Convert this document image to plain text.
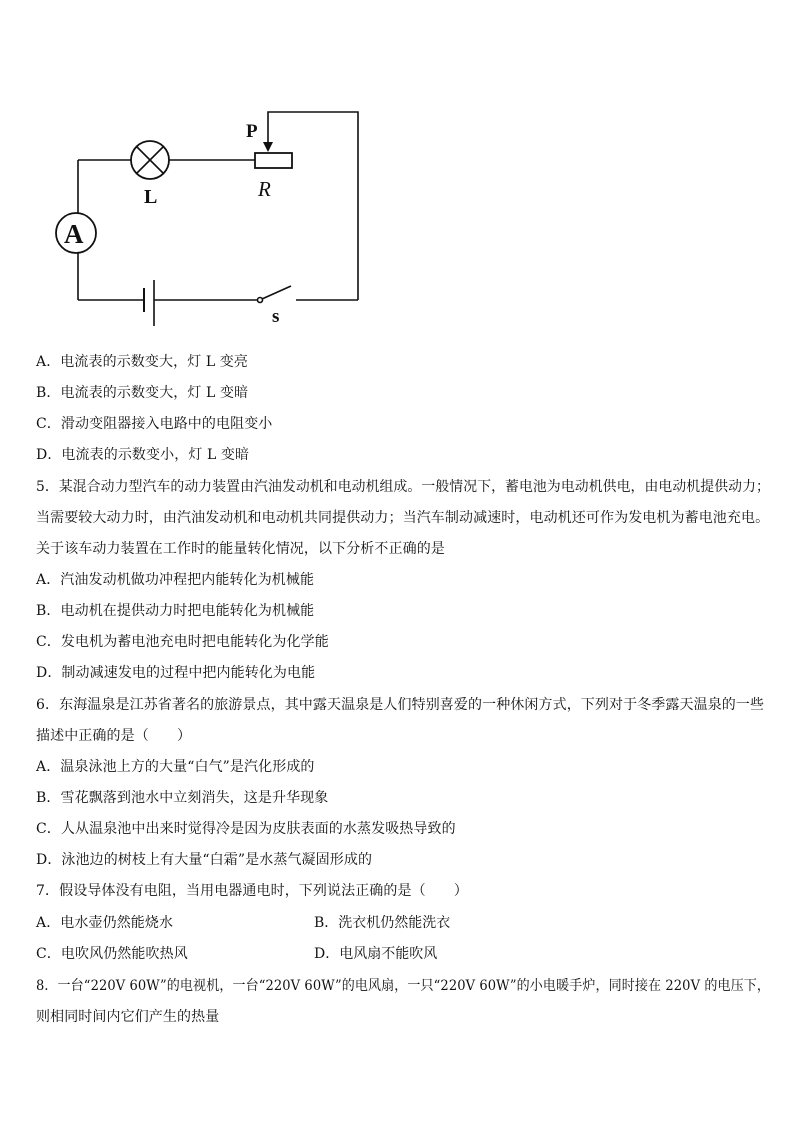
L
P
R
A
s
A．电流表的示数变大，灯 L 变亮
B．电流表的示数变大，灯 L 变暗
C．滑动变阻器接入电路中的电阻变小
D．电流表的示数变小，灯 L 变暗
5．某混合动力型汽车的动力装置由汽油发动机和电动机组成。一般情况下，蓄电池为电动机供电，由电动机提供动力；
当需要较大动力时，由汽油发动机和电动机共同提供动力；当汽车制动减速时，电动机还可作为发电机为蓄电池充电。
关于该车动力装置在工作时的能量转化情况，以下分析不正确的是
A．汽油发动机做功冲程把内能转化为机械能
B．电动机在提供动力时把电能转化为机械能
C．发电机为蓄电池充电时把电能转化为化学能
D．制动减速发电的过程中把内能转化为电能
6．东海温泉是江苏省著名的旅游景点，其中露天温泉是人们特别喜爱的一种休闲方式，下列对于冬季露天温泉的一些
描述中正确的是（　　）
A．温泉泳池上方的大量“白气”是汽化形成的
B．雪花飘落到池水中立刻消失，这是升华现象
C．人从温泉池中出来时觉得冷是因为皮肤表面的水蒸发吸热导致的
D．泳池边的树枝上有大量“白霜”是水蒸气凝固形成的
7．假设导体没有电阻，当用电器通电时，下列说法正确的是（　　）
A．电水壶仍然能烧水	B．洗衣机仍然能洗衣
C．电吹风仍然能吹热风	D．电风扇不能吹风
8．一台“220V 60W”的电视机，一台“220V 60W”的电风扇，一只“220V 60W”的小电暖手炉，同时接在 220V 的电压下，
则相同时间内它们产生的热量
